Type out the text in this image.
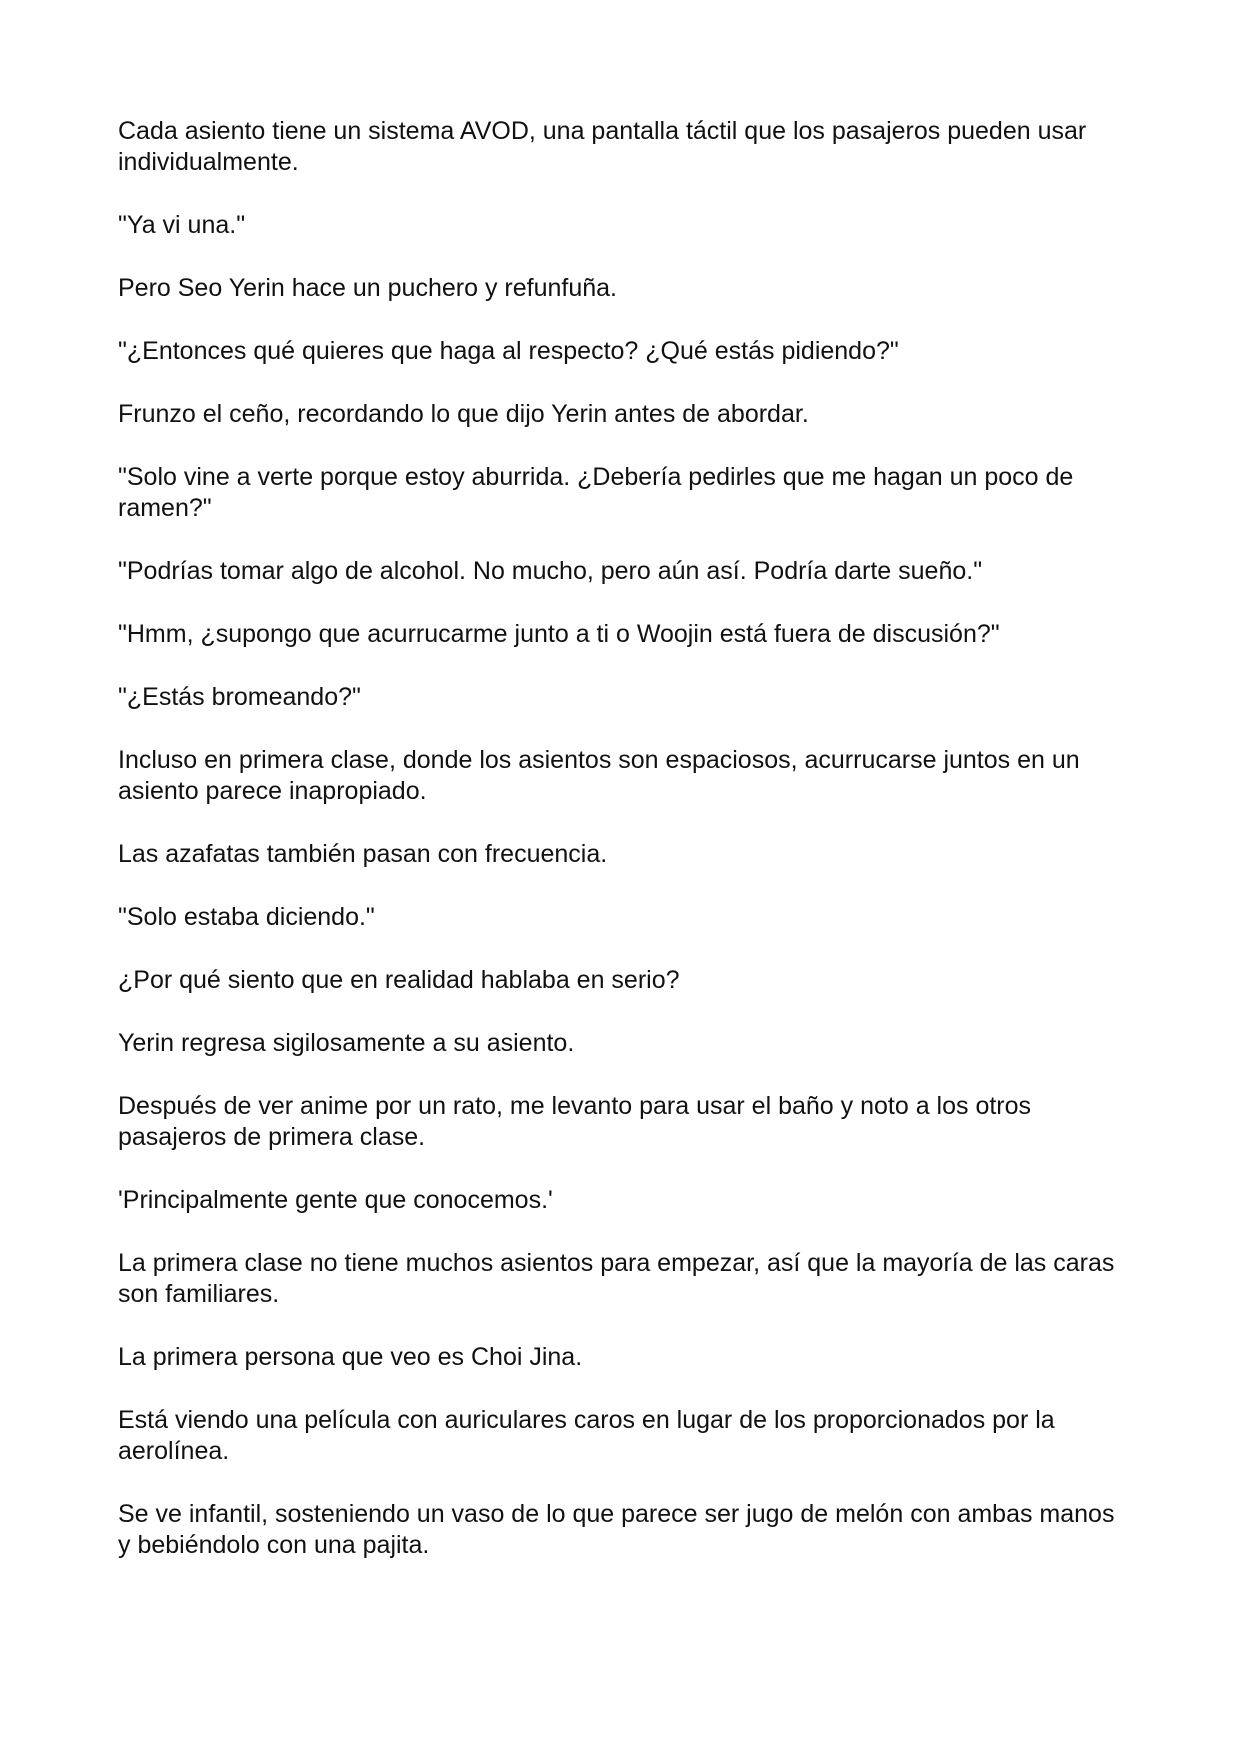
Cada asiento tiene un sistema AVOD, una pantalla táctil que los pasajeros pueden usar individualmente.

"Ya vi una."

Pero Seo Yerin hace un puchero y refunfuña.

"¿Entonces qué quieres que haga al respecto? ¿Qué estás pidiendo?"

Frunzo el ceño, recordando lo que dijo Yerin antes de abordar.

"Solo vine a verte porque estoy aburrida. ¿Debería pedirles que me hagan un poco de ramen?"

"Podrías tomar algo de alcohol. No mucho, pero aún así. Podría darte sueño."

"Hmm, ¿supongo que acurrucarme junto a ti o Woojin está fuera de discusión?"

"¿Estás bromeando?"

Incluso en primera clase, donde los asientos son espaciosos, acurrucarse juntos en un asiento parece inapropiado.

Las azafatas también pasan con frecuencia.

"Solo estaba diciendo."

¿Por qué siento que en realidad hablaba en serio?

Yerin regresa sigilosamente a su asiento.

Después de ver anime por un rato, me levanto para usar el baño y noto a los otros pasajeros de primera clase.

'Principalmente gente que conocemos.'

La primera clase no tiene muchos asientos para empezar, así que la mayoría de las caras son familiares.

La primera persona que veo es Choi Jina.

Está viendo una película con auriculares caros en lugar de los proporcionados por la aerolínea.

Se ve infantil, sosteniendo un vaso de lo que parece ser jugo de melón con ambas manos y bebiéndolo con una pajita.
